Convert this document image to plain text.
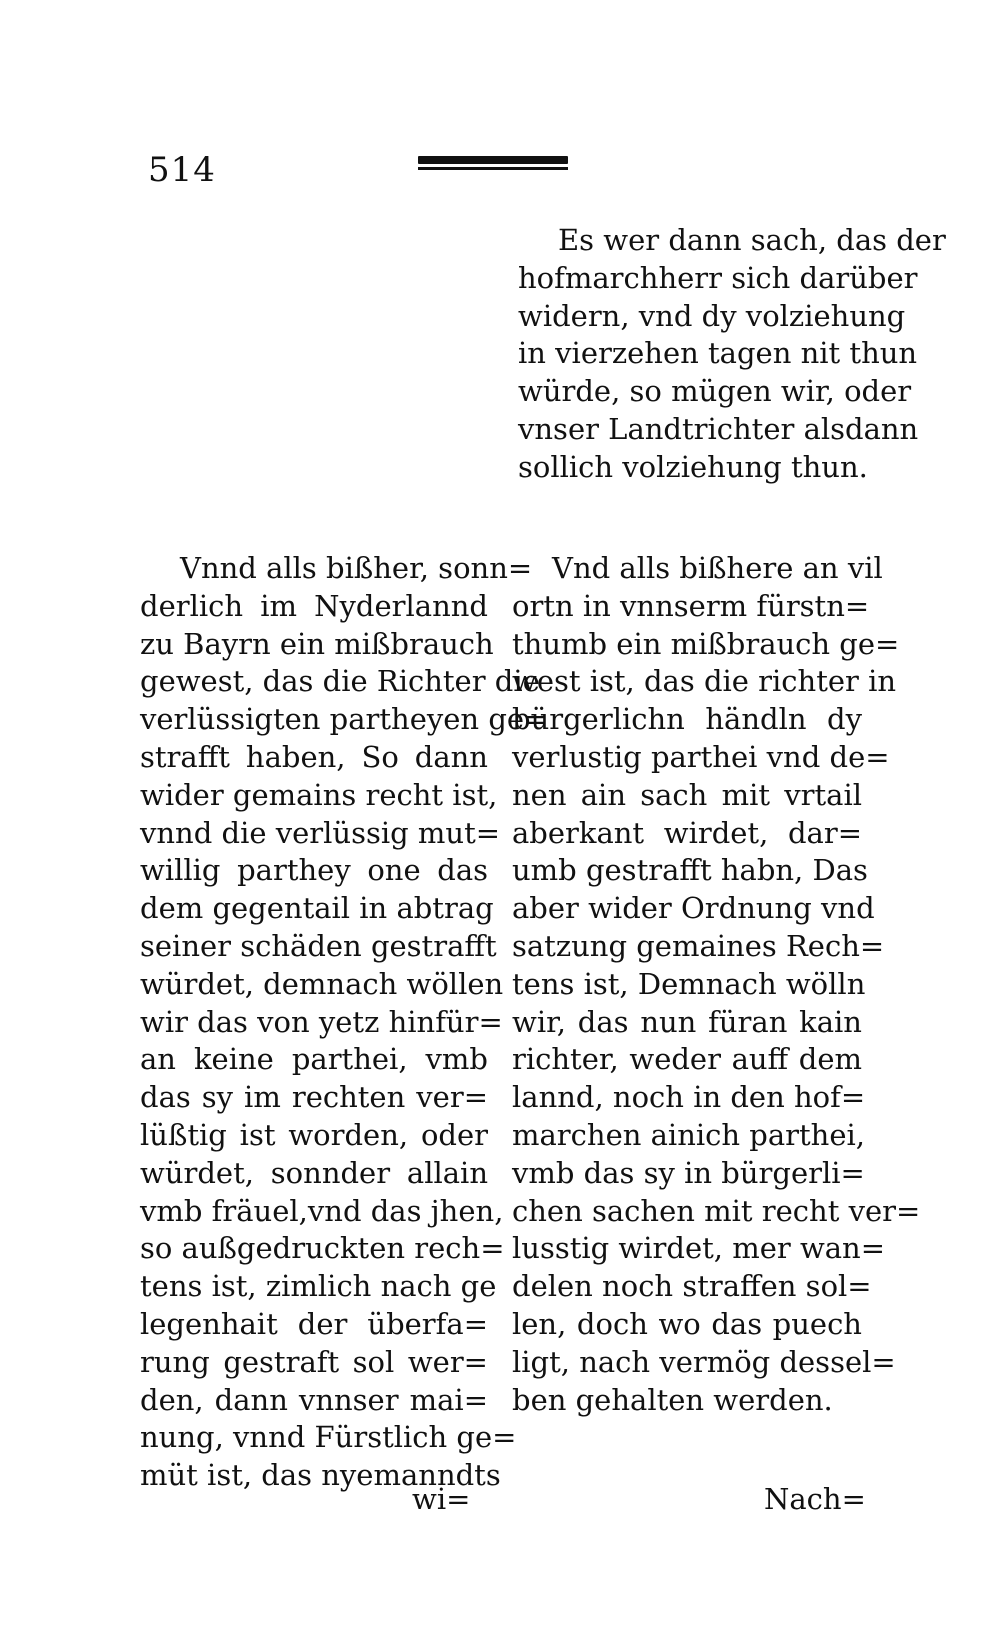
514
Es wer dann sach, das der
hofmarchherr sich darüber
widern, vnd dy volziehung
in vierzehen tagen nit thun
würde, so mügen wir, oder
vnser Landtrichter alsdann
sollich volziehung thun.
Vnnd alls bißher, sonn=
derlich im Nyderlannd
zu Bayrn ein mißbrauch
gewest, das die Richter die
verlüssigten parthеyen ge=
strafft haben, So dann
wider gemains recht ist,
vnnd die verlüssig mut=
willig parthey one das
dem gegentail in abtrag
seiner schäden gestrafft
würdet, demnach wöllen
wir das von yetz hinfür=
an keine parthei, vmb
das sy im rechten ver=
lüßtig ist worden, oder
würdet, sonnder allain
vmb fräuel,vnd das jhen,
so außgedruckten rech=
tens ist, zimlich nach ge
legenhait der überfa=
rung gestraft sol wer=
den, dann vnnser mai=
nung, vnnd Fürstlich ge=
müt ist, das nyemanndts
Vnd alls bißhere an vil
ortn in vnnserm fürstn=
thumb ein mißbrauch ge=
west ist, das die richter in
bürgerlichn händln dy
verlustig parthei vnd de=
nen ain sach mit vrtail
aberkant wirdet, dar=
umb gestrafft habn, Das
aber wider Ordnung vnd
satzung gemaines Rech=
tens ist, Demnach wölln
wir, das nun füran kain
richter, weder auff dem
lannd, noch in den hof=
marchen ainich parthei,
vmb das sy in bürgerli=
chen sachen mit recht ver=
lusstig wirdet, mer wan=
delen noch straffen sol=
len, doch wo das puech
ligt, nach vermög dessel=
ben gehalten werden.
wi=	Nach=
